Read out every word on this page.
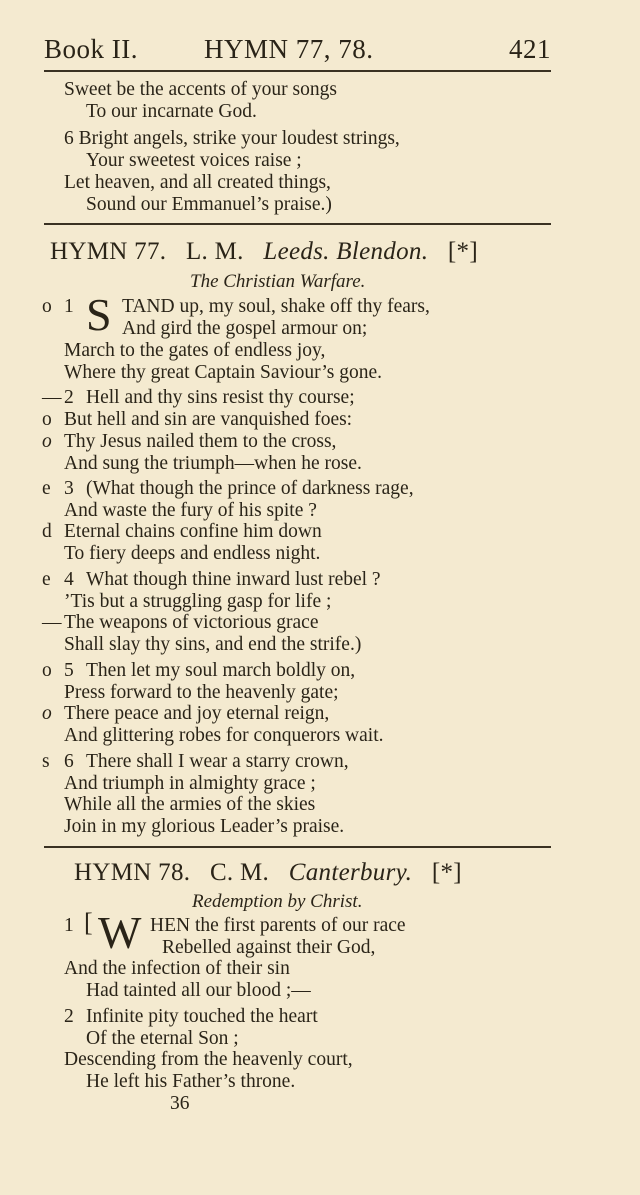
Book II. HYMN 77, 78.	421
Sweet be the accents of your songs
To our incarnate God.
6 Bright angels, strike your loudest strings,
Your sweetest voices raise ;
Let heaven, and all created things,
Sound our Emmanuel’s praise.)
HYMN 77. L. M. Leeds. Blendon. [*]
The Christian Warfare.
o
—
o
o
e
d
e
—
o
o
s
1
2
3
4
5
6
S TAND up, my soul, shake off thy fears,
And gird the gospel armour on;
March to the gates of endless joy,
Where thy great Captain Saviour’s gone.
Hell and thy sins resist thy course;
But hell and sin are vanquished foes:
Thy Jesus nailed them to the cross,
And sung the triumph—when he rose.
(What though the prince of darkness rage,
And waste the fury of his spite ?
Eternal chains confine him down
To fiery deeps and endless night.
What though thine inward lust rebel ?
’Tis but a struggling gasp for life ;
The weapons of victorious grace
Shall slay thy sins, and end the strife.)
Then let my soul march boldly on,
Press forward to the heavenly gate;
There peace and joy eternal reign,
And glittering robes for conquerors wait.
There shall I wear a starry crown,
And triumph in almighty grace ;
While all the armies of the skies
Join in my glorious Leader’s praise.
HYMN 78. C. M. Canterbury. [*]
Redemption by Christ.
1 [ W HEN the first parents of our race
Rebelled against their God,
And the infection of their sin
Had tainted all our blood ;—
2 Infinite pity touched the heart
Of the eternal Son ;
Descending from the heavenly court,
He left his Father’s throne.
36
